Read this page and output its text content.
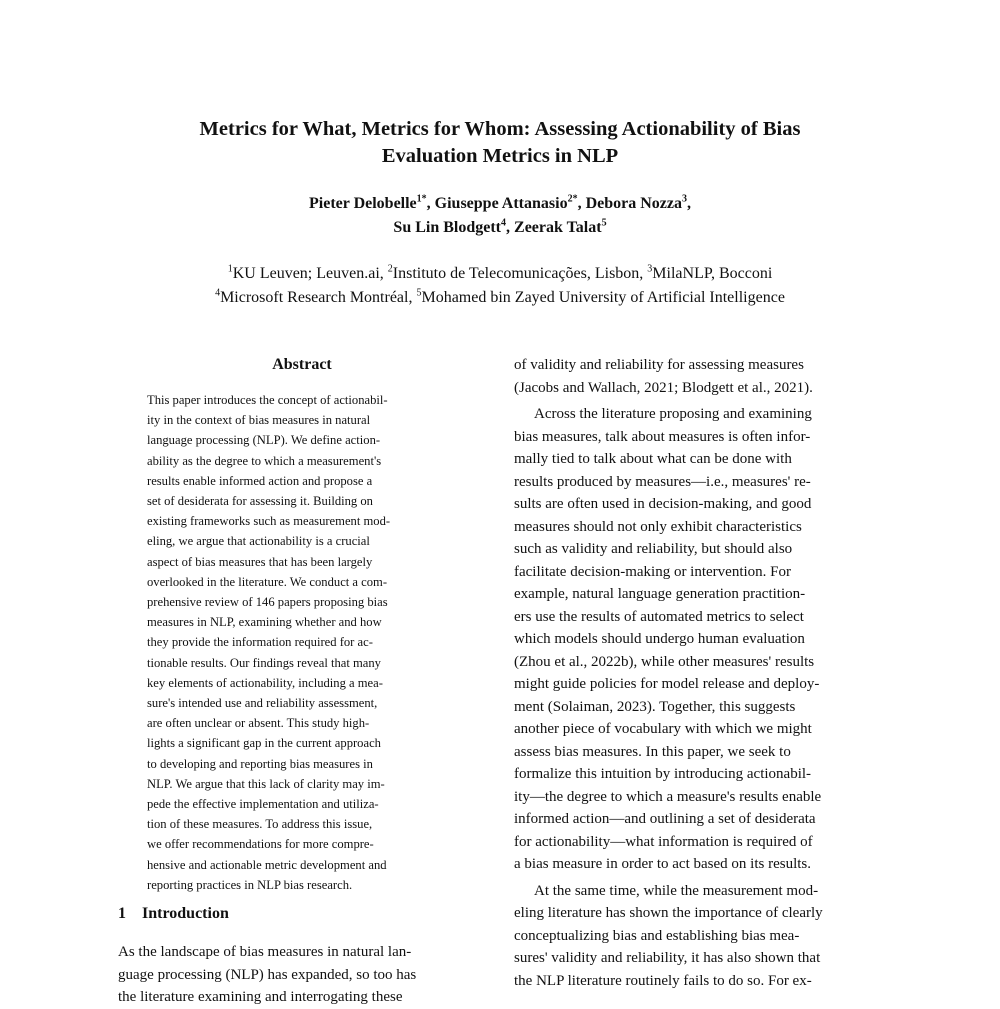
Metrics for What, Metrics for Whom: Assessing Actionability of Bias
Evaluation Metrics in NLP
Pieter Delobelle$^{1*}$, Giuseppe Attanasio$^{2*}$, Debora Nozza$^3$,
Su Lin Blodgett$^4$, Zeerak Talat$^5$
$^1$KU Leuven; Leuven.ai, $^2$Instituto de Telecomunicações, Lisbon, $^3$MilaNLP, Bocconi
$^4$Microsoft Research Montréal, $^5$Mohamed bin Zayed University of Artificial Intelligence
Abstract
This paper introduces the concept of actionabil-
ity in the context of bias measures in natural
language processing (NLP). We define action-
ability as the degree to which a measurement's
results enable informed action and propose a
set of desiderata for assessing it. Building on
existing frameworks such as measurement mod-
eling, we argue that actionability is a crucial
aspect of bias measures that has been largely
overlooked in the literature. We conduct a com-
prehensive review of 146 papers proposing bias
measures in NLP, examining whether and how
they provide the information required for ac-
tionable results. Our findings reveal that many
key elements of actionability, including a mea-
sure's intended use and reliability assessment,
are often unclear or absent. This study high-
lights a significant gap in the current approach
to developing and reporting bias measures in
NLP. We argue that this lack of clarity may im-
pede the effective implementation and utiliza-
tion of these measures. To address this issue,
we offer recommendations for more compre-
hensive and actionable metric development and
reporting practices in NLP bias research.
1 Introduction
As the landscape of bias measures in natural lan-
guage processing (NLP) has expanded, so too has
the literature examining and interrogating these
of validity and reliability for assessing measures
(Jacobs and Wallach, 2021; Blodgett et al., 2021).
Across the literature proposing and examining
bias measures, talk about measures is often infor-
mally tied to talk about what can be done with
results produced by measures—i.e., measures' re-
sults are often used in decision-making, and good
measures should not only exhibit characteristics
such as validity and reliability, but should also
facilitate decision-making or intervention. For
example, natural language generation practition-
ers use the results of automated metrics to select
which models should undergo human evaluation
(Zhou et al., 2022b), while other measures' results
might guide policies for model release and deploy-
ment (Solaiman, 2023). Together, this suggests
another piece of vocabulary with which we might
assess bias measures. In this paper, we seek to
formalize this intuition by introducing actionabil-
ity—the degree to which a measure's results enable
informed action—and outlining a set of desiderata
for actionability—what information is required of
a bias measure in order to act based on its results.
At the same time, while the measurement mod-
eling literature has shown the importance of clearly
conceptualizing bias and establishing bias mea-
sures' validity and reliability, it has also shown that
the NLP literature routinely fails to do so. For ex-
